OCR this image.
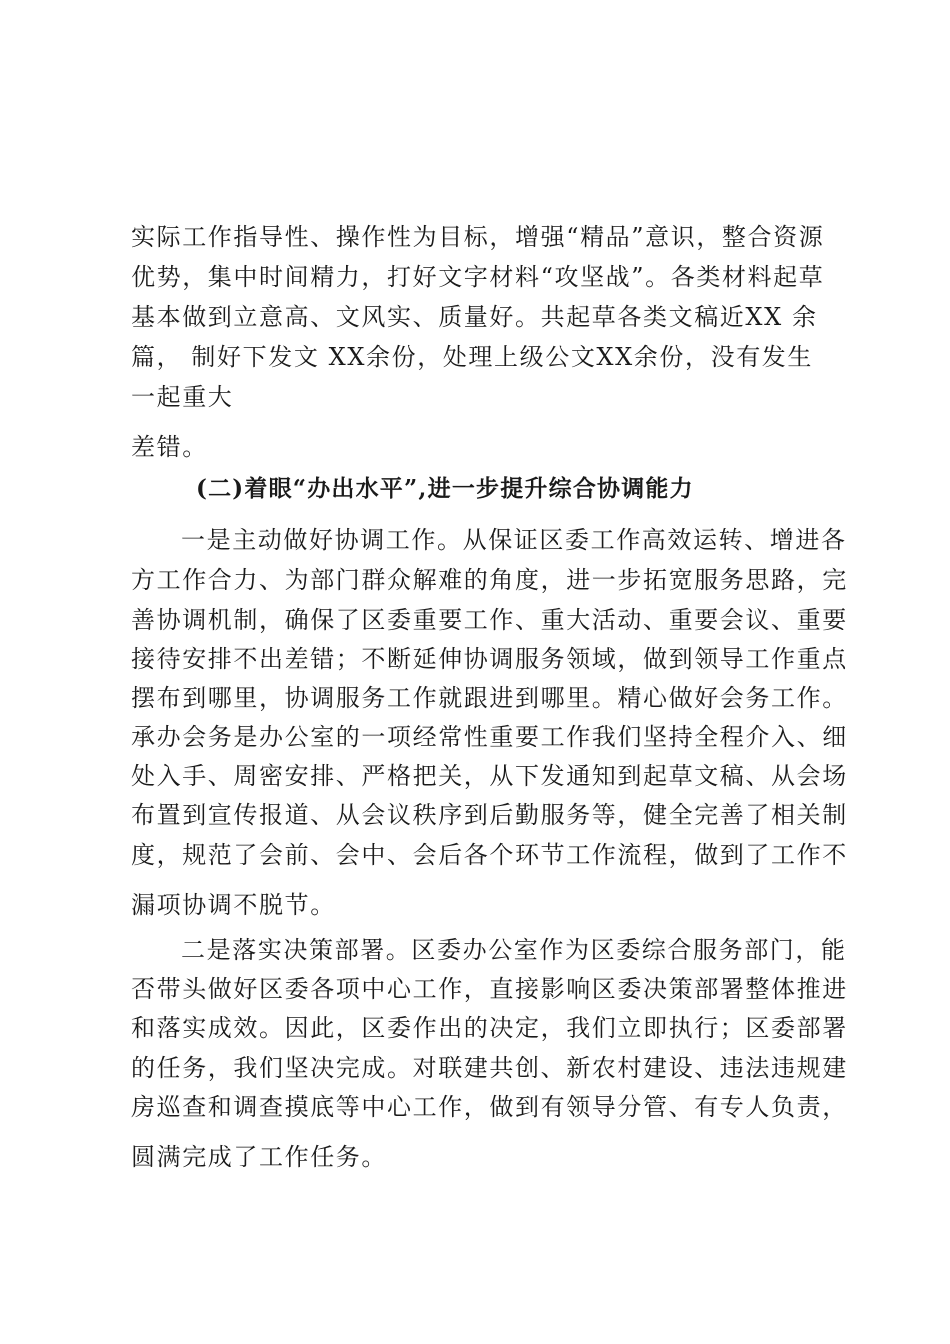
实际工作指导性、操作性为目标，增强“精品”意识，整合资源
优势，集中时间精力，打好文字材料“攻坚战”。各类材料起草
基本做到立意高、文风实、质量好。共起草各类文稿近XX 余
篇， 制好下发文 XX余份，处理上级公文XX余份，没有发生
一起重大
差错。
(二)着眼“办出水平”,进一步提升综合协调能力
一是主动做好协调工作。从保证区委工作高效运转、增进各
方工作合力、为部门群众解难的角度，进一步拓宽服务思路，完
善协调机制，确保了区委重要工作、重大活动、重要会议、重要
接待安排不出差错；不断延伸协调服务领域，做到领导工作重点
摆布到哪里，协调服务工作就跟进到哪里。精心做好会务工作。
承办会务是办公室的一项经常性重要工作我们坚持全程介入、细
处入手、周密安排、严格把关，从下发通知到起草文稿、从会场
布置到宣传报道、从会议秩序到后勤服务等，健全完善了相关制
度，规范了会前、会中、会后各个环节工作流程，做到了工作不
漏项协调不脱节。
二是落实决策部署。区委办公室作为区委综合服务部门，能
否带头做好区委各项中心工作，直接影响区委决策部署整体推进
和落实成效。因此，区委作出的决定，我们立即执行；区委部署
的任务，我们坚决完成。对联建共创、新农村建设、违法违规建
房巡查和调查摸底等中心工作，做到有领导分管、有专人负责，
圆满完成了工作任务。
